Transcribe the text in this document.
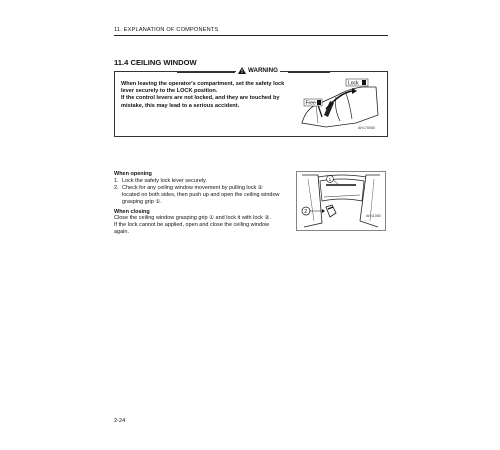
11. EXPLANATION OF COMPONENTS
11.4 CEILING WINDOW
WARNING

When leaving the operator's compartment, set the safety lock

lever securely to the LOCK position.

If the control levers are not locked, and they are touched by

mistake, this may lead to a serious accident.

Lock
Free
AH170050
1
2
AH11050

When opening

1. Lock the safety lock lever securely.

2. Check for any ceiling window movement by pulling lock ②

located on both sides, then push up and open the ceiling window

grasping grip ①.

When closing

Close the ceiling window grasping grip ① and lock it with lock ②.

If the lock cannot be applied, open and close the ceiling window

again.

2-24
